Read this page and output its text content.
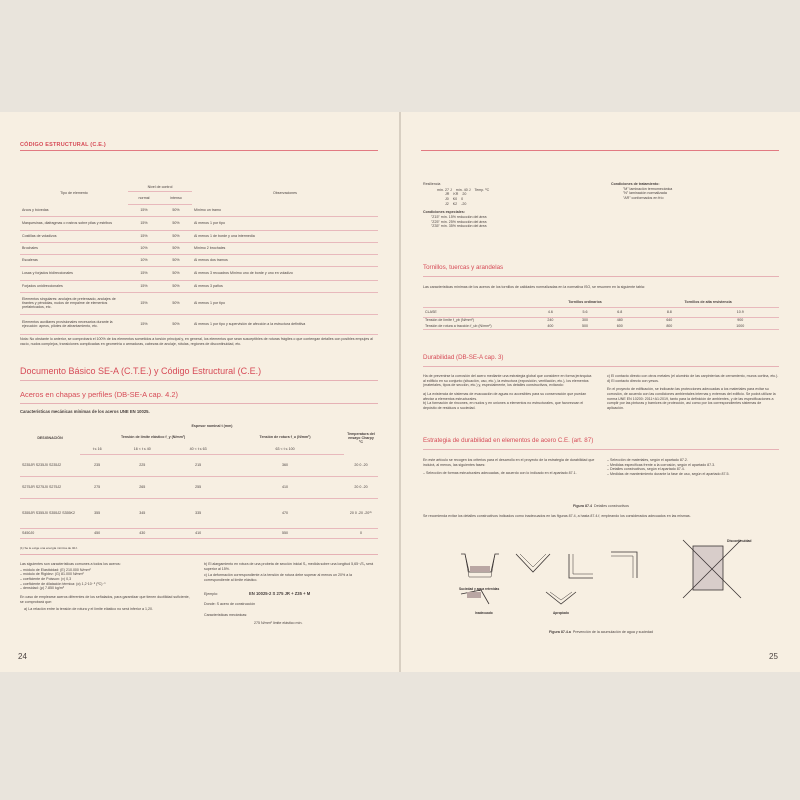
CÓDIGO ESTRUCTURAL (C.E.)
Tipo de elemento	Nivel de control		Observaciones
	normal	intenso	
Arcos y bóvedas	15%	50%	Mínimo un tramo
Marquesinas, diafragmas o rostros sobre pilas y estribos	15%	50%	Al menos 1 por tipo
Costillas de voladizos	15%	50%	Al menos 1 de borde y una intermedia
Brochales	10%	50%	Mínimo 2 brochales
Escaleras	10%	50%	Al menos dos tramos
Losas y forjados bidireccionales	15%	50%	Al menos 3 recuadros Mínimo uno de borde y uno en voladizo
Forjados unidireccionales	15%	50%	Al menos 3 paños
Elementos singulares: anclajes de pretensado, anclajes de tirantes y péndolas, nudos de empalme de elementos prefabricados, etc.	15%	50%	Al menos 1 por tipo
Elementos auxiliares provisionales necesarios durante la ejecución: apeos, pilotes de atirantamiento, etc.	15%	50%	Al menos 1 por tipo y supervisión de afección a la estructura definitiva
Nota: No obstante lo anterior, se comprobará el 100% de los elementos sometidos a torsión principal y, en general, los elementos que sean susceptibles de roturas frágiles o que contengan detalles con posibles empujes al vacío, nudos complejos, transiciones complicadas en geometría o armaduras, cabezas de anclaje, rótulas, regiones de discontinuidad, etc.
Documento Básico SE-A (C.T.E.) y Código Estructural (C.E.)
Aceros en chapas y perfiles (DB-SE-A cap. 4.2)
Características mecánicas mínimas de los aceros UNE EN 10025.
DESIGNACIÓN	Espesor nominal t (mm)				Temperatura del ensayo Charpy ºC
	Tensión de límite elástico f_y (N/mm²)			Tensión de rotura f_u (N/mm²)	
	t ≤ 16	16 < t ≤ 40	40 < t ≤ 63	63 < t ≤ 100	
S235JR S235J0 S235J2	235	225	215	360	20 0 -20
S275JR S275J0 S275J2	275	265	255	410	20 0 -20
S355JR S355J0 S355J2 S355K2	355	345	335	470	20 0 -20 -20⁽¹⁾
S450J0	450	430	410	550	0
(1) Se le exige una energía mínima de 40J.
Las siguientes son características comunes a todos los aceros:
– módulo de Elasticidad: (E) 210.000 N/mm²
– módulo de Rigidez: (G) 81.000 N/mm²
– coeficiente de Poisson: (ν) 0,3
– coeficiente de dilatación térmica: (α) 1,2·10⁻⁵ (ºC)⁻¹
– densidad: (ρ) 7.850 kg/m³
En caso de emplearse aceros diferentes de los señalados, para garantizar que tienen ductilidad suficiente, se comprobará que:
a) La relación entre la tensión de rotura y el límite elástico no será inferior a 1,20.
b) El alargamiento en rotura de una probeta de sección inicial S₀ medida sobre una longitud 5,65·√S₀ será superior al 15%.
c) La deformación correspondiente a la tensión de rotura debe superar al menos un 20% a la correspondiente al límite elástico.
Ejemplo:	EN 10025-2 S 275 JR + Z35 + M
Donde: S acero de construcción
Características mecánicas:
275 N/mm² límite elástico mín.
24
Resiliencia
mín. 27 J    mín. 40 J    Temp. ºC
JR    KR    20
J0    K0    0
J2    K2    -20
Condiciones especiales:
"Z15" mín. 15% reducción del área
"Z25" mín. 25% reducción del área
"Z35" mín. 35% reducción del área
Condiciones de tratamiento:
"M" laminación termomecánica
"N" laminación normalizada
"AR" conformados en frío
Tornillos, tuercas y arandelas
Las características mínimas de los aceros de los tornillos de calidades normalizadas en la normativa ISO, se resumen en la siguiente tabla:
	Tornillos ordinarios			Tornillos de alta resistencia	
CLASE	4.6	5.6	6.8	8.8	10.9
Tensión de límite f_yb (N/mm²)	240	300	480	640	900
Tensión de rotura a tracción f_ub (N/mm²)	400	500	600	800	1000
Durabilidad (DB-SE-A cap. 3)
Ha de prevenirse la corrosión del acero mediante una estrategia global que considere en forma jerárquica al edificio en su conjunto (situación, uso, etc.), la estructura (exposición, ventilación, etc.), los elementos (materiales, tipos de sección, etc.) y, especialmente, los detalles constructivos, evitando:
a) La existencia de sistemas de evacuación de aguas no accesibles para su conservación que puedan afectar a elementos estructurales.
b) La formación de rincones, en nudos y en uniones a elementos no estructurales, que favorezcan el depósito de residuos o suciedad.
c) El contacto directo con otros metales (el aluminio de las carpinterías de cerramiento, muros cortina, etc.).
d) El contacto directo con yesos.
En el proyecto de edificación, se indicarán las protecciones adecuadas a los materiales para evitar su corrosión, de acuerdo con las condiciones ambientales internas y externas del edificio. Se podrá utilizar la norma UNE EN 10200: 2011+A1:2019, tanto para la definición de ambientes, y de las especificaciones a cumplir por las pinturas y barnices de protección, así como por los correspondientes sistemas de aplicación.
Estrategia de durabilidad en elementos de acero C.E. (art. 87)
En este artículo se recogen los criterios para el desarrollo en el proyecto de la estrategia de durabilidad que incluirá, al menos, las siguientes fases:
– Selección de formas estructurales adecuadas, de acuerdo con lo indicado en el apartado 87.1.
– Selección de materiales, según el apartado 87.2.
– Medidas específicas frente a la corrosión, según el apartado 87.3.
– Detalles constructivos, según el apartado 87.4.
– Medidas de mantenimiento durante la fase de uso, según el apartado 87.5.
Figura 87.4 Detalles constructivos
Se recomienda evitar los detalles constructivos indicados como inadecuados en las figuras 87.4, a hasta 87.4.f, empleando los considerados adecuados en las mismas.
Discontinuidad
Suciedad y agua retenidas
Inadecuado	Apropiado
Figura 87.4.a Prevención de la acumulación de agua y suciedad
25
